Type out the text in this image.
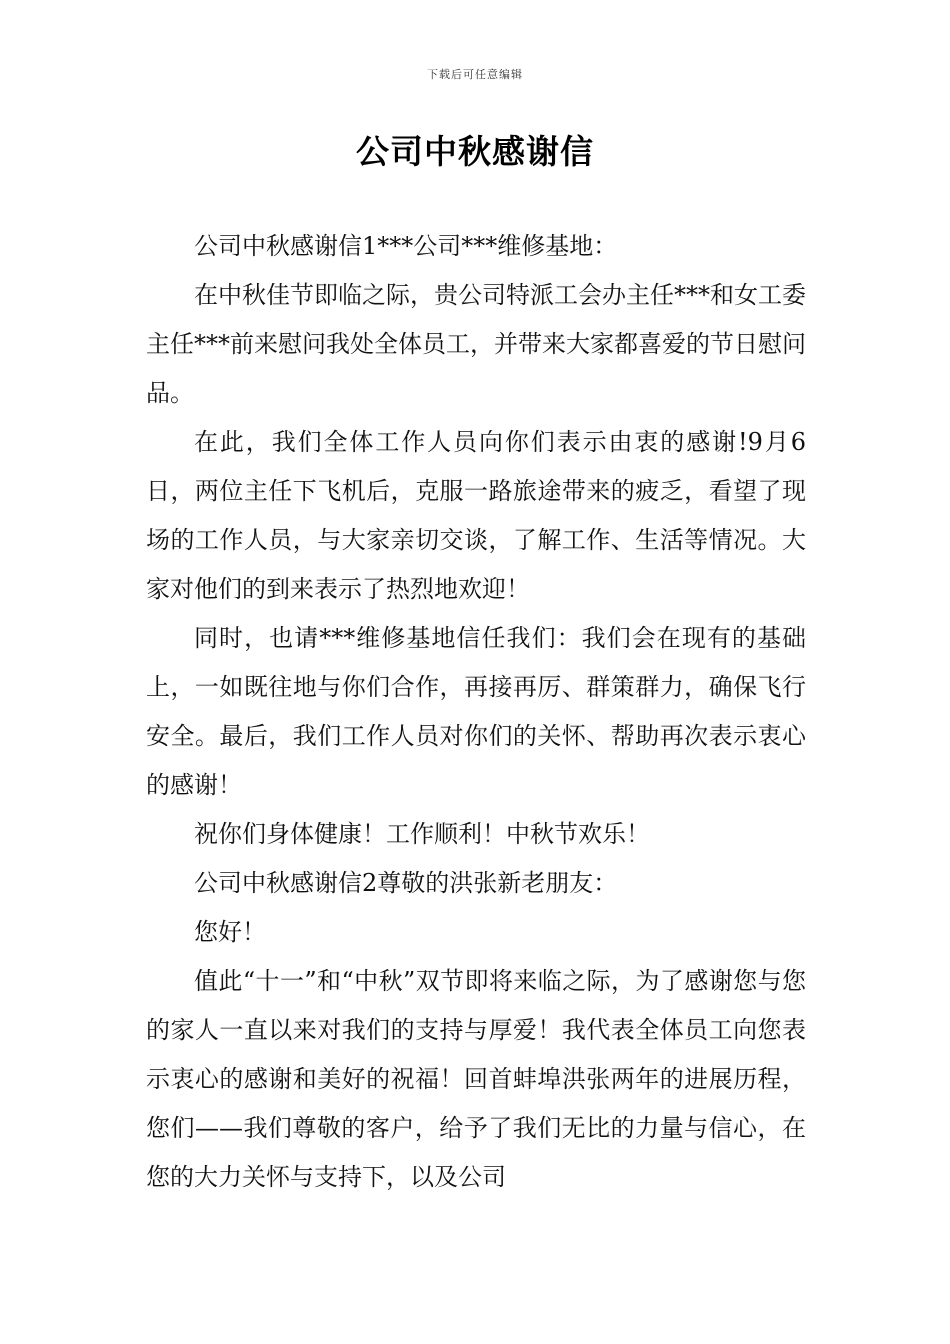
下载后可任意编辑
公司中秋感谢信

公司中秋感谢信1***公司***维修基地：

在中秋佳节即临之际，贵公司特派工会办主任***和女工委主任***前来慰问我处全体员工，并带来大家都喜爱的节日慰问品。

在此，我们全体工作人员向你们表示由衷的感谢!9月6日，两位主任下飞机后，克服一路旅途带来的疲乏，看望了现场的工作人员，与大家亲切交谈，了解工作、生活等情况。大家对他们的到来表示了热烈地欢迎！

同时，也请***维修基地信任我们：我们会在现有的基础上，一如既往地与你们合作，再接再厉、群策群力，确保飞行安全。最后，我们工作人员对你们的关怀、帮助再次表示衷心的感谢！

祝你们身体健康！工作顺利！中秋节欢乐！

公司中秋感谢信2尊敬的洪张新老朋友：

您好！

值此“十一”和“中秋”双节即将来临之际，为了感谢您与您的家人一直以来对我们的支持与厚爱！我代表全体员工向您表示衷心的感谢和美好的祝福！回首蚌埠洪张两年的进展历程，您们——我们尊敬的客户，给予了我们无比的力量与信心，在您的大力关怀与支持下，以及公司
